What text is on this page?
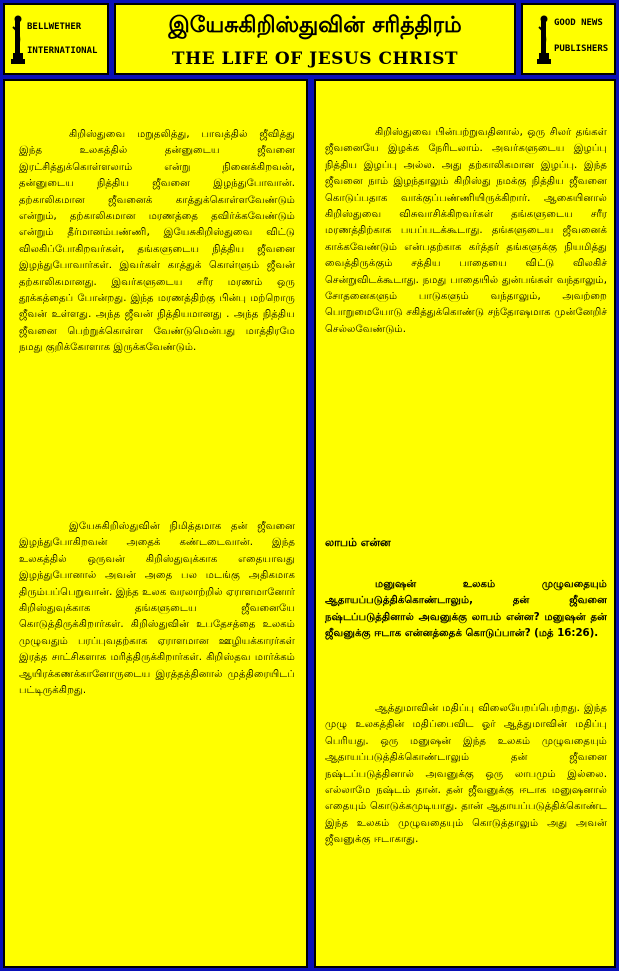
BELLWETHER
INTERNATIONAL
இயேசுகிறிஸ்துவின் சரித்திரம்
THE LIFE OF JESUS CHRIST
GOOD NEWS
PUBLISHERS

கிறிஸ்துவை மறுதலித்து, பாவத்தில் ஜீவித்து இந்த உலகத்தில் தன்னுடைய ஜீவனை இரட்சித்துக்கொள்ளலாம் என்று நினைக்கிறவன், தன்னுடைய நித்திய ஜீவனை இழந்துபோவான். தற்காலிகமான ஜீவனைக் காத்துக்கொள்ளவேண்டும் என்றும், தற்காலிகமான மரணத்தை தவிர்க்கவேண்டும் என்றும் தீர்மானம்பண்ணி, இயேசுகிறிஸ்துவை விட்டு விலகிப்போகிறவர்கள், தங்களுடைய நித்திய ஜீவனை இழந்துபோவார்கள். இவர்கள் காத்துக் கொள்ளும் ஜீவன் தற்காலிகமானது. இவர்களுடைய சரீர மரணம் ஒரு தூக்கத்தைப் போன்றது. இந்த மரணத்திற்கு பின்பு மற்றொரு ஜீவன் உள்ளது. அந்த ஜீவன் நித்தியமானது . அந்த நித்திய ஜீவனை பெற்றுக்கொள்ள வேண்டுமென்பது மாத்திரமே நமது குறிக்கோளாக இருக்கவேண்டும்.

இயேசுகிறிஸ்துவின் நிமித்தமாக தன் ஜீவனை இழந்துபோகிறவன் அதைக் கண்டடைவான். இந்த உலகத்தில் ஒருவன் கிறிஸ்துவுக்காக எதையாவது இழந்துபோனால் அவன் அதை பல மடங்கு அதிகமாக திரும்பப்பெறுவான். இந்த உலக வரலாற்றில் ஏராளமானோர் கிறிஸ்துவுக்காக தங்களுடைய ஜீவனையே கொடுத்திருக்கிறார்கள். கிறிஸ்துவின் உபதேசத்தை உலகம் முழுவதும் பரப்புவதற்காக ஏராளமான ஊழியக்காரர்கள் இரத்த சாட்சிகளாக மரித்திருக்கிறார்கள். கிறிஸ்தவ மார்க்கம் ஆயிரக்கணக்கானோருடைய இரத்தத்தினால் முத்திரையிடப் பட்டிருக்கிறது.

கிறிஸ்துவை பின்பற்றுவதினால், ஒரு சிலர் தங்கள் ஜீவனையே இழக்க நேரிடலாம். அவர்களுடைய இழப்பு நித்திய இழப்பு அல்ல. அது தற்காலிகமான இழப்பு. இந்த ஜீவனை நாம் இழந்தாலும் கிறிஸ்து நமக்கு நித்திய ஜீவனை கொடுப்பதாக வாக்குப்பண்ணியிருக்கிறார். ஆகையினால் கிறிஸ்துவை விசுவாசிக்கிறவர்கள் தங்களுடைய சரீர மரணத்திற்காக பயப்படக்கூடாது. தங்களுடைய ஜீவனைக் காக்கவேண்டும் என்பதற்காக கர்த்தர் தங்களுக்கு நியமித்து வைத்திருக்கும் சத்திய பாதையை விட்டு விலகிச் சென்றுவிடக்கூடாது. நமது பாதையில் துன்பங்கள் வந்தாலும், சோதனைகளும் பாடுகளும் வந்தாலும், அவற்றை பொறுமையோடு சகித்துக்கொண்டு சந்தோஷமாக முன்னேறிச் செல்லவேண்டும்.

லாபம் என்ன

மனுஷன் உலகம் முழுவதையும் ஆதாயப்படுத்திக்கொண்டாலும், தன் ஜீவனை நஷ்டப்படுத்தினால் அவனுக்கு லாபம் என்ன? மனுஷன் தன் ஜீவனுக்கு ஈடாக என்னத்தைக் கொடுப்பான்? (மத் 16:26).

ஆத்துமாவின் மதிப்பு விலையேறப்பெற்றது. இந்த முழு உலகத்தின் மதிப்பைவிட ஓர் ஆத்துமாவின் மதிப்பு பெரியது. ஒரு மனுஷன் இந்த உலகம் முழுவதையும் ஆதாயப்படுத்திக்கொண்டாலும் தன் ஜீவனை நஷ்டப்படுத்தினால் அவனுக்கு ஒரு லாபமும் இல்லை. எல்லாமே நஷ்டம் தான். தன் ஜீவனுக்கு ஈடாக மனுஷனால் எதையும் கொடுக்கமுடியாது. தான் ஆதாயப்படுத்திக்கொண்ட இந்த உலகம் முழுவதையும் கொடுத்தாலும் அது அவன் ஜீவனுக்கு ஈடாகாது.
